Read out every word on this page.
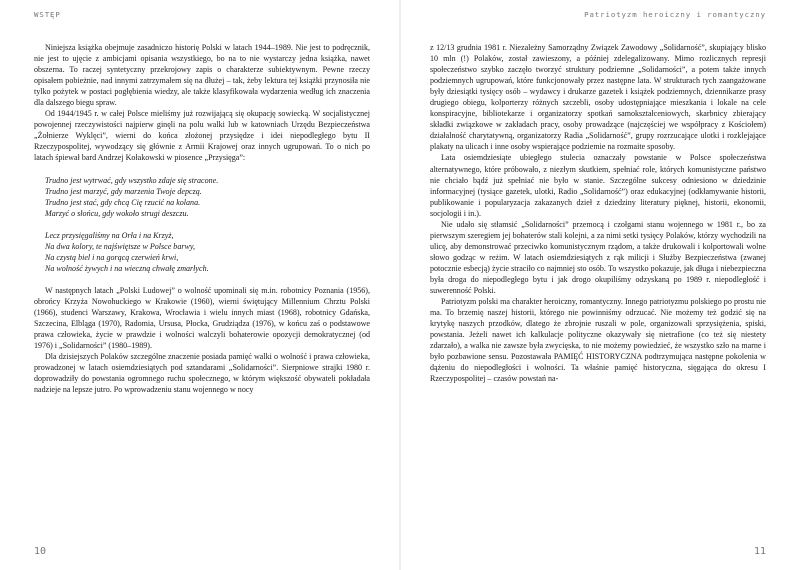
WSTĘP

Niniejsza książka obejmuje zasadniczo historię Polski w latach 1944–1989. Nie jest to podręcznik, nie jest to ujęcie z ambicjami opisania wszystkiego, bo na to nie wystarczy jedna książka, nawet obszerna. To raczej syntetyczny przekrojowy zapis o charakterze subiektywnym. Pewne rzeczy opisałem pobieżnie, nad innymi zatrzymałem się na dłużej – tak, żeby lektura tej książki przynosiła nie tylko pożytek w postaci pogłębienia wiedzy, ale także klasyfikowała wydarzenia według ich znaczenia dla dalszego biegu spraw.

Od 1944/1945 r. w całej Polsce mieliśmy już rozwijającą się okupację sowiecką. W socjalistycznej powojennej rzeczywistości najpierw ginęli na polu walki lub w katowniach Urzędu Bezpieczeństwa „Żołnierze Wyklęci”, wierni do końca złożonej przysiędze i idei niepodległego bytu II Rzeczypospolitej, wywodzący się głównie z Armii Krajowej oraz innych ugrupowań. To o nich po latach śpiewał bard Andrzej Kołakowski w piosence „Przysięga”:

Trudno jest wytrwać, gdy wszystko zdaje się stracone.
Trudno jest marzyć, gdy marzenia Twoje depczą.
Trudno jest stać, gdy chcą Cię rzucić na kolana.
Marzyć o słońcu, gdy wokoło strugi deszczu.
Lecz przysięgaliśmy na Orła i na Krzyż,
Na dwa kolory, te najświętsze w Polsce barwy,
Na czystą biel i na gorącą czerwień krwi,
Na wolność żywych i na wieczną chwałę zmarłych.

W następnych latach „Polski Ludowej” o wolność upominali się m.in. robotnicy Poznania (1956), obrońcy Krzyża Nowohuckiego w Krakowie (1960), wierni świętujący Millennium Chrztu Polski (1966), studenci Warszawy, Krakowa, Wrocławia i wielu innych miast (1968), robotnicy Gdańska, Szczecina, Elbląga (1970), Radomia, Ursusa, Płocka, Grudziądza (1976), w końcu zaś o podstawowe prawa człowieka, życie w prawdzie i wolności walczyli bohaterowie opozycji demokratycznej (od 1976) i „Solidarności” (1980–1989).

Dla dzisiejszych Polaków szczególne znaczenie posiada pamięć walki o wolność i prawa człowieka, prowadzonej w latach osiemdziesiątych pod sztandarami „Solidarności”. Sierpniowe strajki 1980 r. doprowadziły do powstania ogromnego ruchu społecznego, w którym większość obywateli pokładała nadzieje na lepsze jutro. Po wprowadzeniu stanu wojennego w nocy

10
Patriotyzm heroiczny i romantyczny

z 12/13 grudnia 1981 r. Niezależny Samorządny Związek Zawodowy „Solidarność”, skupiający blisko 10 mln (!) Polaków, został zawieszony, a później zdelegalizowany. Mimo rozlicznych represji społeczeństwo szybko zaczęło tworzyć struktury podziemne „Solidarności”, a potem także innych podziemnych ugrupowań, które funkcjonowały przez następne lata. W strukturach tych zaangażowane były dziesiątki tysięcy osób – wydawcy i drukarze gazetek i książek podziemnych, dziennikarze prasy drugiego obiegu, kolporterzy różnych szczebli, osoby udostępniające mieszkania i lokale na cele konspiracyjne, bibliotekarze i organizatorzy spotkań samokształceniowych, skarbnicy zbierający składki związkowe w zakładach pracy, osoby prowadzące (najczęściej we współpracy z Kościołem) działalność charytatywną, organizatorzy Radia „Solidarność”, grupy rozrzucające ulotki i rozklejające plakaty na ulicach i inne osoby wspierające podziemie na rozmaite sposoby.

Lata osiemdziesiąte ubiegłego stulecia oznaczały powstanie w Polsce społeczeństwa alternatywnego, które próbowało, z niezłym skutkiem, spełniać role, których komunistyczne państwo nie chciało bądź już spełniać nie było w stanie. Szczególne sukcesy odniesiono w dziedzinie informacyjnej (tysiące gazetek, ulotki, Radio „Solidarność”) oraz edukacyjnej (odkłamywanie historii, publikowanie i popularyzacja zakazanych dzieł z dziedziny literatury pięknej, historii, ekonomii, socjologii i in.).

Nie udało się stłamsić „Solidarności” przemocą i czołgami stanu wojennego w 1981 r., bo za pierwszym szeregiem jej bohaterów stali kolejni, a za nimi setki tysięcy Polaków, którzy wychodzili na ulicę, aby demonstrować przeciwko komunistycznym rządom, a także drukowali i kolportowali wolne słowo godząc w reżim. W latach osiemdziesiątych z rąk milicji i Służby Bezpieczeństwa (zwanej potocznie esbecją) życie straciło co najmniej sto osób. To wszystko pokazuje, jak długa i niebezpieczna była droga do niepodległego bytu i jak drogo okupiliśmy odzyskaną po 1989 r. niepodległość i suwerenność Polski.

Patriotyzm polski ma charakter heroiczny, romantyczny. Innego patriotyzmu polskiego po prostu nie ma. To brzemię naszej historii, którego nie powinniśmy odrzucać. Nie możemy też godzić się na krytykę naszych przodków, dlatego że zbrojnie ruszali w pole, organizowali sprzysiężenia, spiski, powstania. Jeżeli nawet ich kalkulacje polityczne okazywały się nietrafione (co też się niestety zdarzało), a walka nie zawsze była zwycięska, to nie możemy powiedzieć, że wszystko szło na marne i było pozbawione sensu. Pozostawała PAMIĘĆ HISTORYCZNA podtrzymująca następne pokolenia w dążeniu do niepodległości i wolności. Ta właśnie pamięć historyczna, sięgająca do okresu I Rzeczypospolitej – czasów powstań na-

11
